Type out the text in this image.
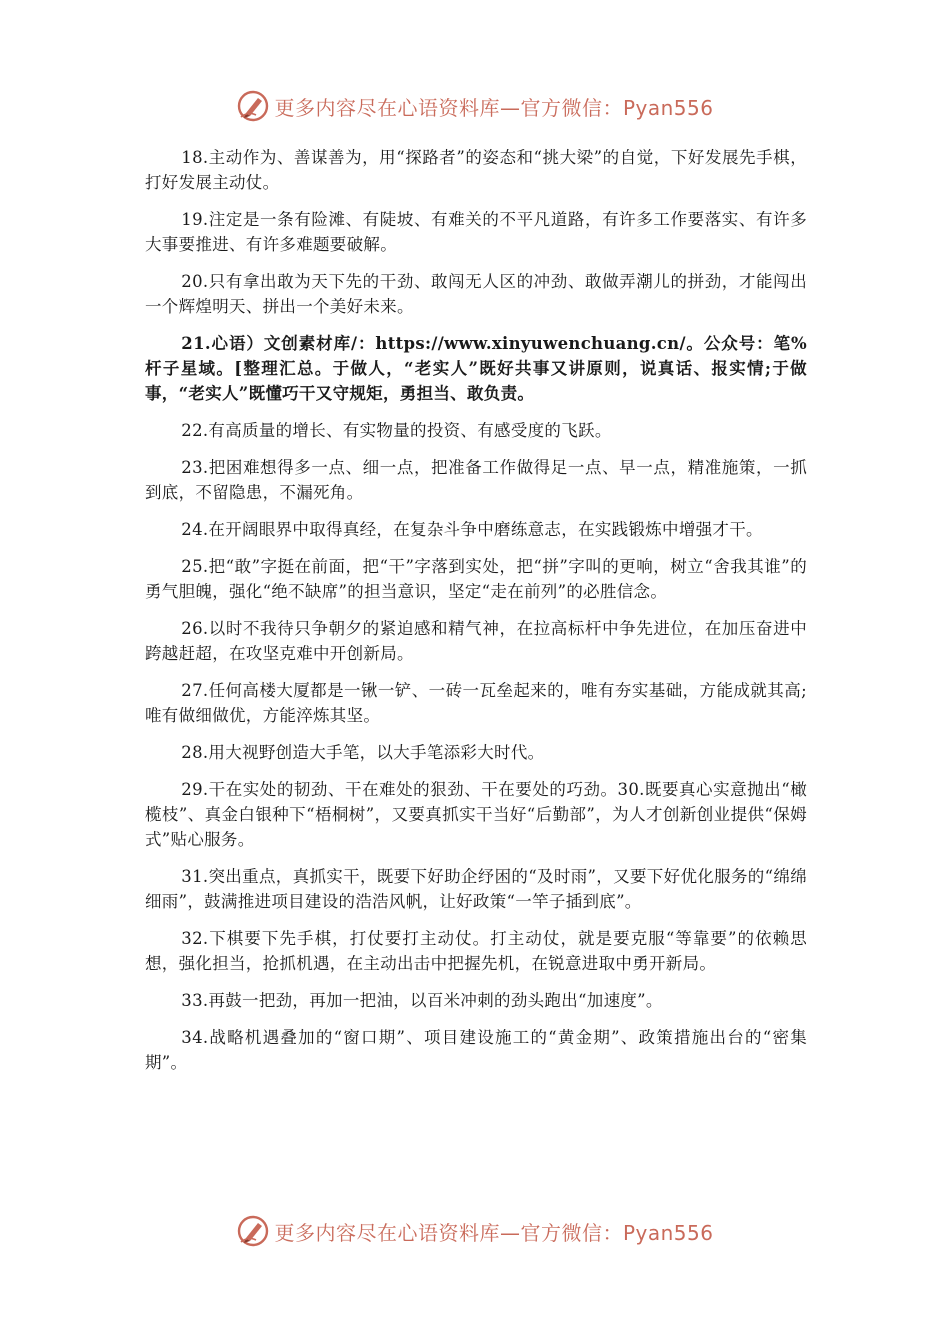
更多内容尽在心语资料库—官方微信：Pyan556

18.主动作为、善谋善为，用“探路者”的姿态和“挑大梁”的自觉，下好发展先手棋，打好发展主动仗。

19.注定是一条有险滩、有陡坡、有难关的不平凡道路，有许多工作要落实、有许多大事要推进、有许多难题要破解。

20.只有拿出敢为天下先的干劲、敢闯无人区的冲劲、敢做弄潮儿的拼劲，才能闯出一个辉煌明天、拼出一个美好未来。

21.心语）文创素材库/：https://www.xinyuwenchuang.cn/。公众号：笔%杆子星域。[整理汇总。于做人，“老实人”既好共事又讲原则，说真话、报实情;于做事，“老实人”既懂巧干又守规矩，勇担当、敢负责。

22.有高质量的增长、有实物量的投资、有感受度的飞跃。

23.把困难想得多一点、细一点，把准备工作做得足一点、早一点，精准施策，一抓到底，不留隐患，不漏死角。

24.在开阔眼界中取得真经，在复杂斗争中磨练意志，在实践锻炼中增强才干。

25.把“敢”字挺在前面，把“干”字落到实处，把“拼”字叫的更响，树立“舍我其谁”的勇气胆魄，强化“绝不缺席”的担当意识，坚定“走在前列”的必胜信念。

26.以时不我待只争朝夕的紧迫感和精气神，在拉高标杆中争先进位，在加压奋进中跨越赶超，在攻坚克难中开创新局。

27.任何高楼大厦都是一锹一铲、一砖一瓦垒起来的，唯有夯实基础，方能成就其高;唯有做细做优，方能淬炼其坚。

28.用大视野创造大手笔，以大手笔添彩大时代。

29.干在实处的韧劲、干在难处的狠劲、干在要处的巧劲。30.既要真心实意抛出“橄榄枝”、真金白银种下“梧桐树”，又要真抓实干当好“后勤部”，为人才创新创业提供“保姆式”贴心服务。

31.突出重点，真抓实干，既要下好助企纾困的“及时雨”，又要下好优化服务的“绵绵细雨”，鼓满推进项目建设的浩浩风帆，让好政策“一竿子插到底”。

32.下棋要下先手棋，打仗要打主动仗。打主动仗，就是要克服“等靠要”的依赖思想，强化担当，抢抓机遇，在主动出击中把握先机，在锐意进取中勇开新局。

33.再鼓一把劲，再加一把油，以百米冲刺的劲头跑出“加速度”。

34.战略机遇叠加的“窗口期”、项目建设施工的“黄金期”、政策措施出台的“密集期”。

更多内容尽在心语资料库—官方微信：Pyan556
